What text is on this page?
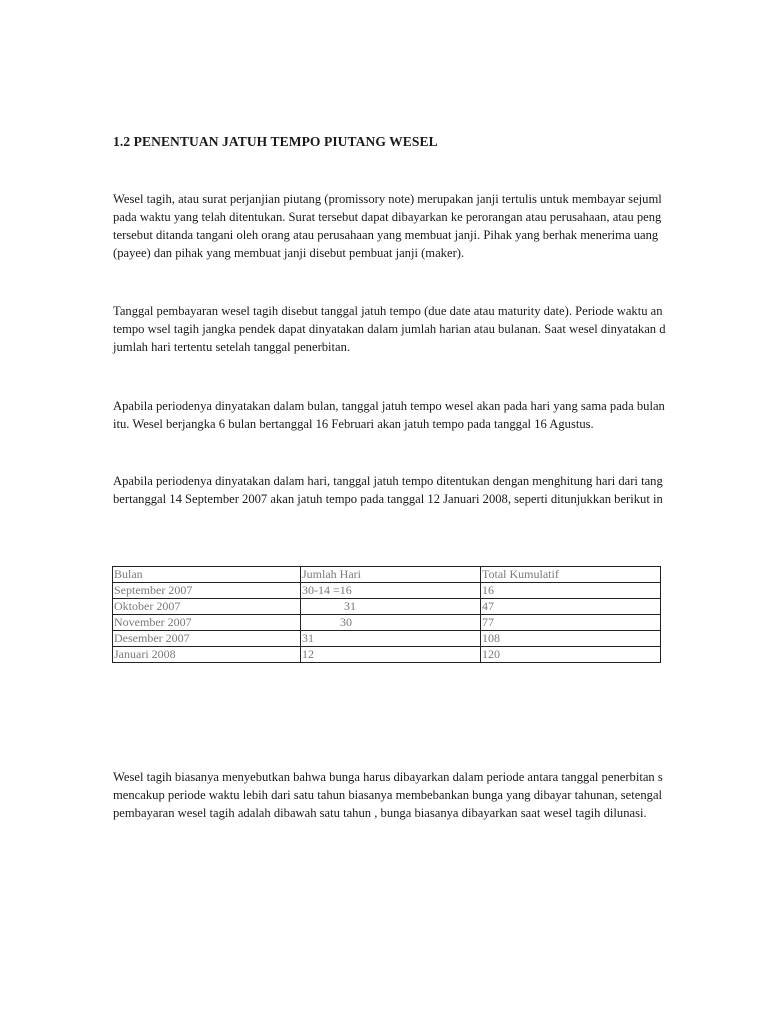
1.2 PENENTUAN JATUH TEMPO PIUTANG WESEL
Wesel tagih, atau surat perjanjian piutang (promissory note) merupakan janji tertulis untuk membayar sejuml
pada waktu yang telah ditentukan. Surat tersebut dapat dibayarkan ke perorangan atau perusahaan, atau peng
tersebut ditanda tangani oleh orang atau perusahaan yang membuat janji. Pihak yang berhak menerima uang
(payee) dan pihak yang membuat janji disebut pembuat janji (maker).
Tanggal pembayaran wesel tagih disebut tanggal jatuh tempo (due date atau maturity date). Periode waktu an
tempo wsel tagih jangka pendek dapat dinyatakan dalam jumlah harian atau bulanan. Saat wesel dinyatakan d
jumlah hari tertentu setelah tanggal penerbitan.
Apabila periodenya dinyatakan dalam bulan, tanggal jatuh tempo wesel akan pada hari yang sama pada bulan
itu. Wesel berjangka 6 bulan bertanggal 16 Februari akan jatuh tempo pada tanggal 16 Agustus.
Apabila periodenya dinyatakan dalam hari, tanggal jatuh tempo ditentukan dengan menghitung hari dari tang
bertanggal 14 September 2007 akan jatuh tempo pada tanggal 12 Januari 2008, seperti ditunjukkan berikut in
Bulan	Jumlah Hari	Total Kumulatif
September 2007	30-14 =16	16
Oktober 2007	31	47
November 2007	30	77
Desember 2007	31	108
Januari 2008	12	120
Wesel tagih biasanya menyebutkan bahwa bunga harus dibayarkan dalam periode antara tanggal penerbitan s
mencakup periode waktu lebih dari satu tahun biasanya membebankan bunga yang dibayar tahunan, setengal
pembayaran wesel tagih adalah dibawah satu tahun , bunga biasanya dibayarkan saat wesel tagih dilunasi.
